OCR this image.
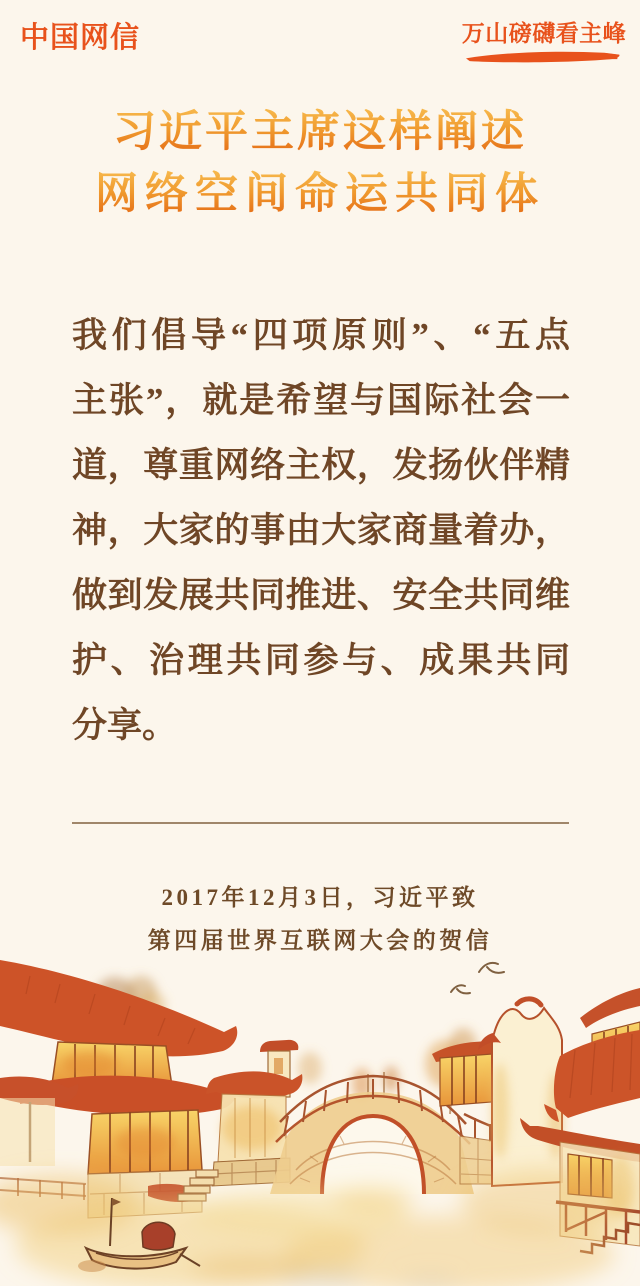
中国网信	万山磅礴看主峰
习近平主席这样阐述
网络空间命运共同体
我们倡导“四项原则”、“五点
主张”，就是希望与国际社会一
道，尊重网络主权，发扬伙伴精
神，大家的事由大家商量着办，
做到发展共同推进、安全共同维
护、治理共同参与、成果共同
分享。
2017年12月3日，习近平致
第四届世界互联网大会的贺信
